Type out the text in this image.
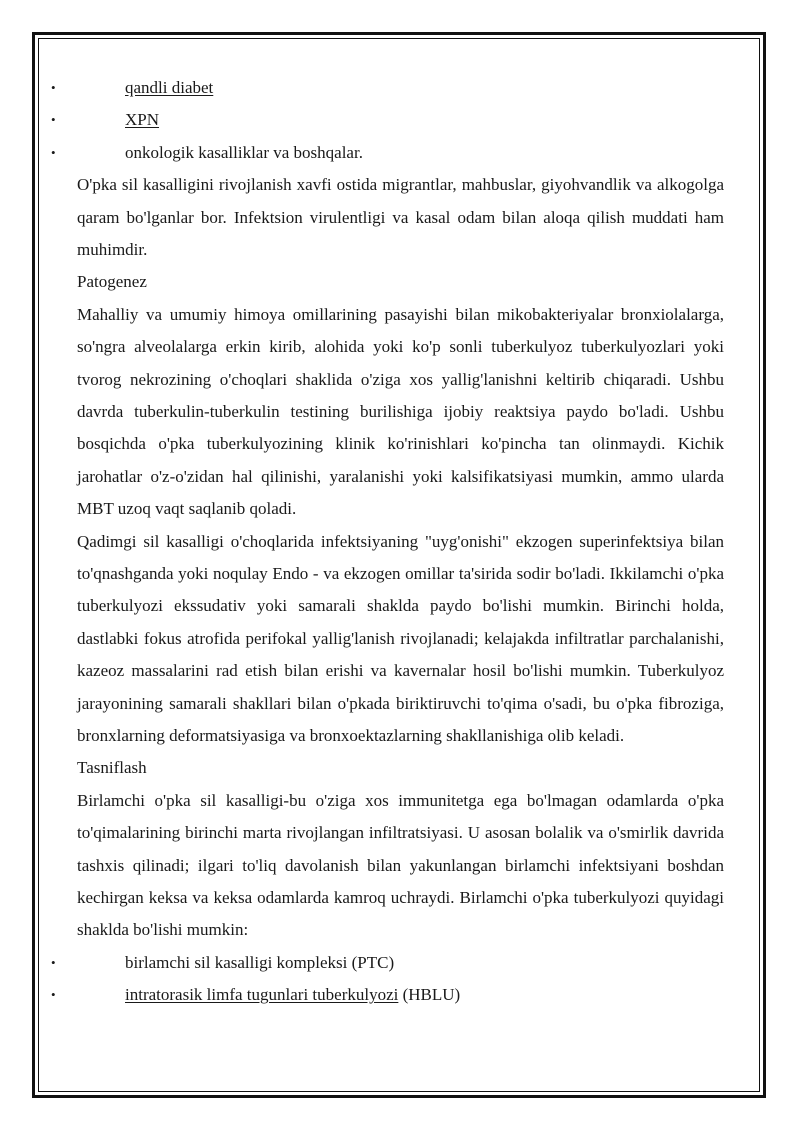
•	qandli diabet
•	XPN
•	onkologik kasalliklar va boshqalar.

O'pka sil kasalligini rivojlanish xavfi ostida migrantlar, mahbuslar, giyohvandlik va alkogolga qaram bo'lganlar bor. Infektsion virulentligi va kasal odam bilan aloqa qilish muddati ham muhimdir.

Patogenez

Mahalliy va umumiy himoya omillarining pasayishi bilan mikobakteriyalar bronxiolalarga, so'ngra alveolalarga erkin kirib, alohida yoki ko'p sonli tuberkulyoz tuberkulyozlari yoki tvorog nekrozining o'choqlari shaklida o'ziga xos yallig'lanishni keltirib chiqaradi. Ushbu davrda tuberkulin-tuberkulin testining burilishiga ijobiy reaktsiya paydo bo'ladi. Ushbu bosqichda o'pka tuberkulyozining klinik ko'rinishlari ko'pincha tan olinmaydi. Kichik jarohatlar o'z-o'zidan hal qilinishi, yaralanishi yoki kalsifikatsiyasi mumkin, ammo ularda MBT uzoq vaqt saqlanib qoladi.

Qadimgi sil kasalligi o'choqlarida infektsiyaning "uyg'onishi" ekzogen superinfektsiya bilan to'qnashganda yoki noqulay Endo - va ekzogen omillar ta'sirida sodir bo'ladi. Ikkilamchi o'pka tuberkulyozi ekssudativ yoki samarali shaklda paydo bo'lishi mumkin. Birinchi holda, dastlabki fokus atrofida perifokal yallig'lanish rivojlanadi; kelajakda infiltratlar parchalanishi, kazeoz massalarini rad etish bilan erishi va kavernalar hosil bo'lishi mumkin. Tuberkulyoz jarayonining samarali shakllari bilan o'pkada biriktiruvchi to'qima o'sadi, bu o'pka fibroziga, bronxlarning deformatsiyasiga va bronxoektazlarning shakllanishiga olib keladi.

Tasniflash

Birlamchi o'pka sil kasalligi-bu o'ziga xos immunitetga ega bo'lmagan odamlarda o'pka to'qimalarining birinchi marta rivojlangan infiltratsiyasi. U asosan bolalik va o'smirlik davrida tashxis qilinadi; ilgari to'liq davolanish bilan yakunlangan birlamchi infektsiyani boshdan kechirgan keksa va keksa odamlarda kamroq uchraydi. Birlamchi o'pka tuberkulyozi quyidagi shaklda bo'lishi mumkin:

•	birlamchi sil kasalligi kompleksi (PTC)
•	intratorasik limfa tugunlari tuberkulyozi (HBLU)
